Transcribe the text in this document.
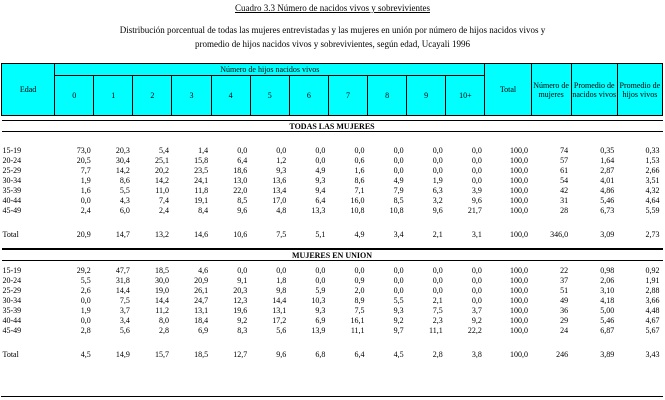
Cuadro 3.3 Número de nacidos vivos y sobrevivientes
Distribución porcentual de todas las mujeres entrevistadas y las mujeres en unión por número de hijos nacidos vivos y
promedio de hijos nacidos vivos y sobrevivientes, según edad, Ucayali 1996
Edad	Número de hijos nacidos vivos											Total	Número de mujeres	Promedio de nacidos vivos	Promedio de hijos vivos
	0	1	2	3	4	5	6	7	8	9	10+				

TODAS LAS MUJERES															

15-19	73,0	20,3	5,4	1,4	0,0	0,0	0,0	0,0	0,0	0,0	0,0	100,0	74	0,35	0,33
20-24	20,5	30,4	25,1	15,8	6,4	1,2	0,0	0,6	0,0	0,0	0,0	100,0	57	1,64	1,53
25-29	7,7	14,2	20,2	23,5	18,6	9,3	4,9	1,6	0,0	0,0	0,0	100,0	61	2,87	2,66
30-34	1,9	8,6	14,2	24,1	13,0	13,6	9,3	8,6	4,9	1,9	0,0	100,0	54	4,01	3,51
35-39	1,6	5,5	11,0	11,8	22,0	13,4	9,4	7,1	7,9	6,3	3,9	100,0	42	4,86	4,32
40-44	0,0	4,3	7,4	19,1	8,5	17,0	6,4	16,0	8,5	3,2	9,6	100,0	31	5,46	4,64
45-49	2,4	6,0	2,4	8,4	9,6	4,8	13,3	10,8	10,8	9,6	21,7	100,0	28	6,73	5,59

Total	20,9	14,7	13,2	14,6	10,6	7,5	5,1	4,9	3,4	2,1	3,1	100,0	346,0	3,09	2,73

MUJERES EN UNION															

15-19	29,2	47,7	18,5	4,6	0,0	0,0	0,0	0,0	0,0	0,0	0,0	100,0	22	0,98	0,92
20-24	5,5	31,8	30,0	20,9	9,1	1,8	0,0	0,9	0,0	0,0	0,0	100,0	37	2,06	1,91
25-29	2,6	14,4	19,0	26,1	20,3	9,8	5,9	2,0	0,0	0,0	0,0	100,0	51	3,10	2,88
30-34	0,0	7,5	14,4	24,7	12,3	14,4	10,3	8,9	5,5	2,1	0,0	100,0	49	4,18	3,66
35-39	1,9	3,7	11,2	13,1	19,6	13,1	9,3	7,5	9,3	7,5	3,7	100,0	36	5,00	4,48
40-44	0,0	3,4	8,0	18,4	9,2	17,2	6,9	16,1	9,2	2,3	9,2	100,0	29	5,46	4,67
45-49	2,8	5,6	2,8	6,9	8,3	5,6	13,9	11,1	9,7	11,1	22,2	100,0	24	6,87	5,67

Total	4,5	14,9	15,7	18,5	12,7	9,6	6,8	6,4	4,5	2,8	3,8	100,0	246	3,89	3,43
